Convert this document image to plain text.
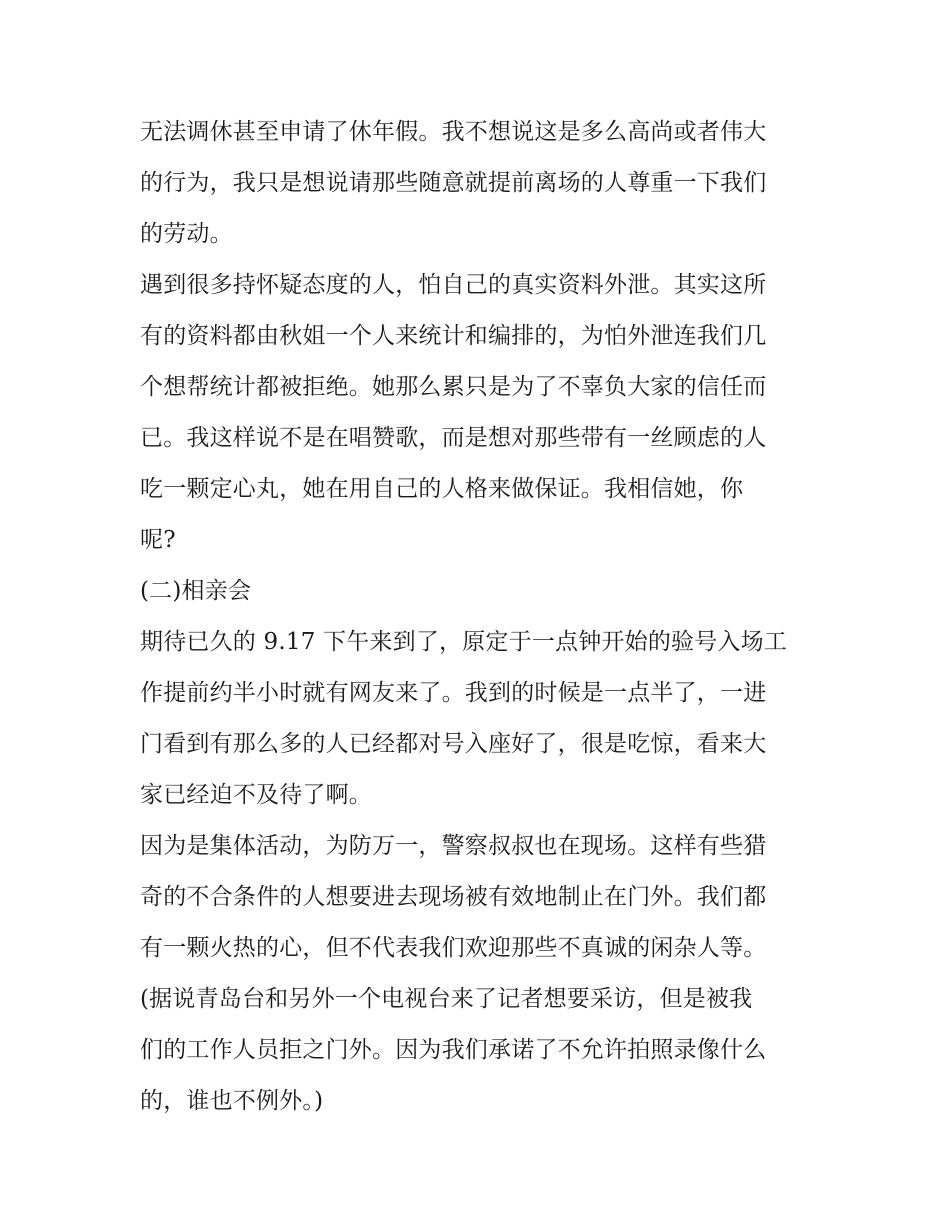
无法调休甚至申请了休年假。我不想说这是多么高尚或者伟大
的行为，我只是想说请那些随意就提前离场的人尊重一下我们
的劳动。
遇到很多持怀疑态度的人，怕自己的真实资料外泄。其实这所
有的资料都由秋姐一个人来统计和编排的，为怕外泄连我们几
个想帮统计都被拒绝。她那么累只是为了不辜负大家的信任而
已。我这样说不是在唱赞歌，而是想对那些带有一丝顾虑的人
吃一颗定心丸，她在用自己的人格来做保证。我相信她，你
呢?
(二)相亲会
期待已久的 9.17 下午来到了，原定于一点钟开始的验号入场工
作提前约半小时就有网友来了。我到的时候是一点半了，一进
门看到有那么多的人已经都对号入座好了，很是吃惊，看来大
家已经迫不及待了啊。
因为是集体活动，为防万一，警察叔叔也在现场。这样有些猎
奇的不合条件的人想要进去现场被有效地制止在门外。我们都
有一颗火热的心，但不代表我们欢迎那些不真诚的闲杂人等。
(据说青岛台和另外一个电视台来了记者想要采访，但是被我
们的工作人员拒之门外。因为我们承诺了不允许拍照录像什么
的，谁也不例外。)
